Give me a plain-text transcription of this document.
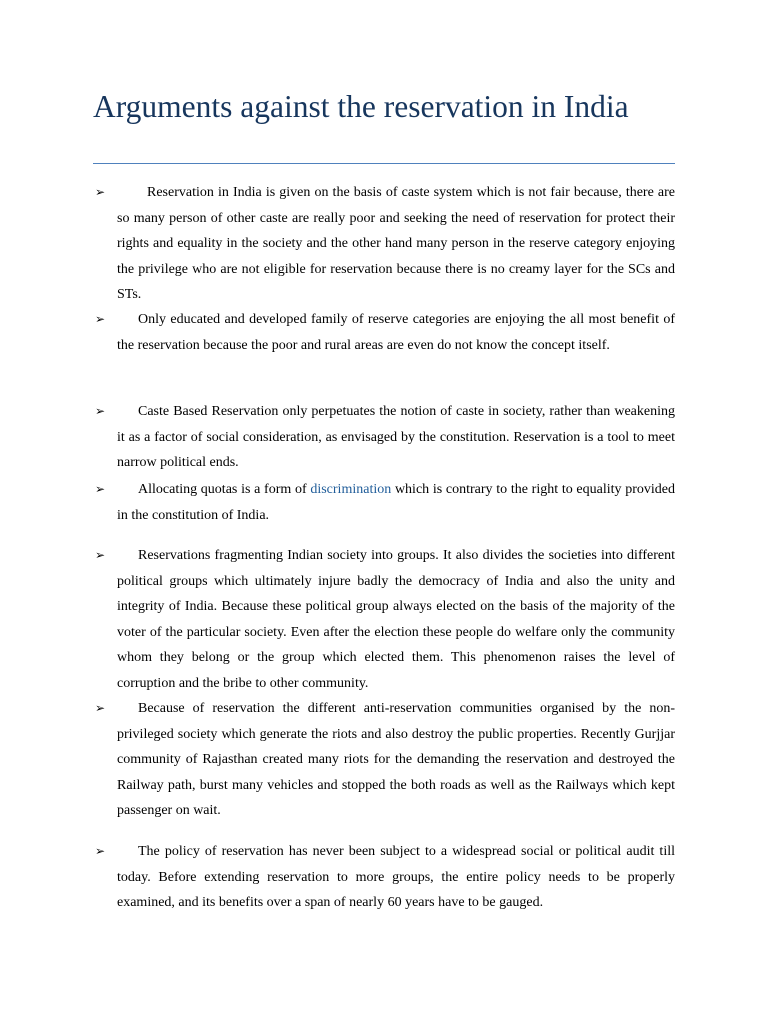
Arguments against the reservation in India
➢	Reservation in India is given on the basis of caste system which is not fair because, there are so many person of other caste are really poor and seeking the need of reservation for protect their rights and equality in the society and the other hand many person in the reserve category enjoying the privilege who are not eligible for reservation because there is no creamy layer for the SCs and STs.

➢	Only educated and developed family of reserve categories are enjoying the all most benefit of the reservation because the poor and rural areas are even do not know the concept itself.

➢	Caste Based Reservation only perpetuates the notion of caste in society, rather than weakening it as a factor of social consideration, as envisaged by the constitution. Reservation is a tool to meet narrow political ends.

➢	Allocating quotas is a form of discrimination which is contrary to the right to equality provided in the constitution of India.

➢	Reservations fragmenting Indian society into groups. It also divides the societies into different political groups which ultimately injure badly the democracy of India and also the unity and integrity of India. Because these political group always elected on the basis of the majority of the voter of the particular society. Even after the election these people do welfare only the community whom they belong or the group which elected them. This phenomenon raises the level of corruption and the bribe to other community.

➢	Because of reservation the different anti-reservation communities organised by the non-privileged society which generate the riots and also destroy the public properties. Recently Gurjjar community of Rajasthan created many riots for the demanding the reservation and destroyed the Railway path, burst many vehicles and stopped the both roads as well as the Railways which kept passenger on wait.

➢	The policy of reservation has never been subject to a widespread social or political audit till today. Before extending reservation to more groups, the entire policy needs to be properly examined, and its benefits over a span of nearly 60 years have to be gauged.
